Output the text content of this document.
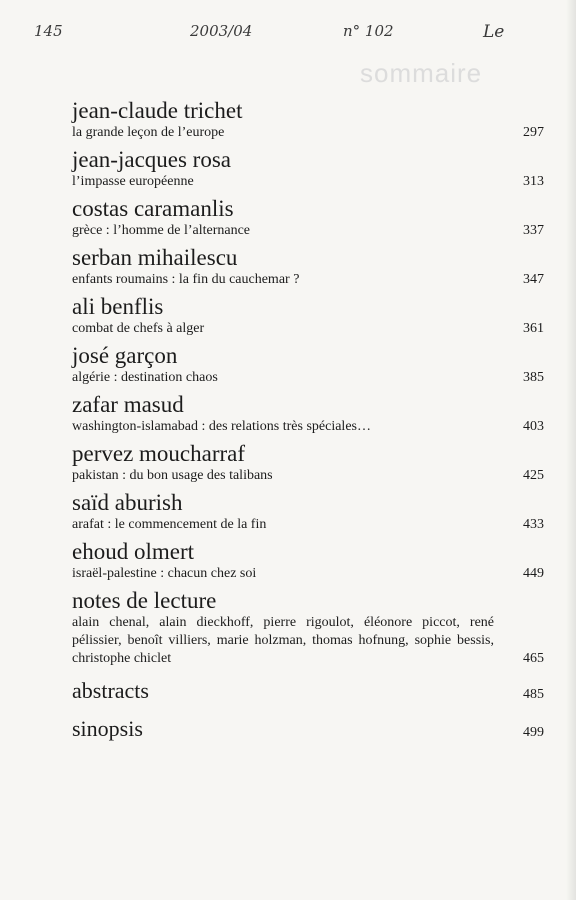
sommaire
145	2003/04	n° 102	Le
jean-claude trichet
la grande leçon de l’europe	297
jean-jacques rosa
l’impasse européenne	313
costas caramanlis
grèce : l’homme de l’alternance	337
serban mihailescu
enfants roumains : la fin du cauchemar ?	347
ali benflis
combat de chefs à alger	361
josé garçon
algérie : destination chaos	385
zafar masud
washington-islamabad : des relations très spéciales…	403
pervez moucharraf
pakistan : du bon usage des talibans	425
saïd aburish
arafat : le commencement de la fin	433
ehoud olmert
israël-palestine : chacun chez soi	449
notes de lecture
alain chenal, alain dieckhoff, pierre rigoulot, éléonore piccot, rené pélissier, benoît villiers, marie holzman, thomas hofnung, sophie bessis, christophe chiclet	465
abstracts	485
sinopsis	499
